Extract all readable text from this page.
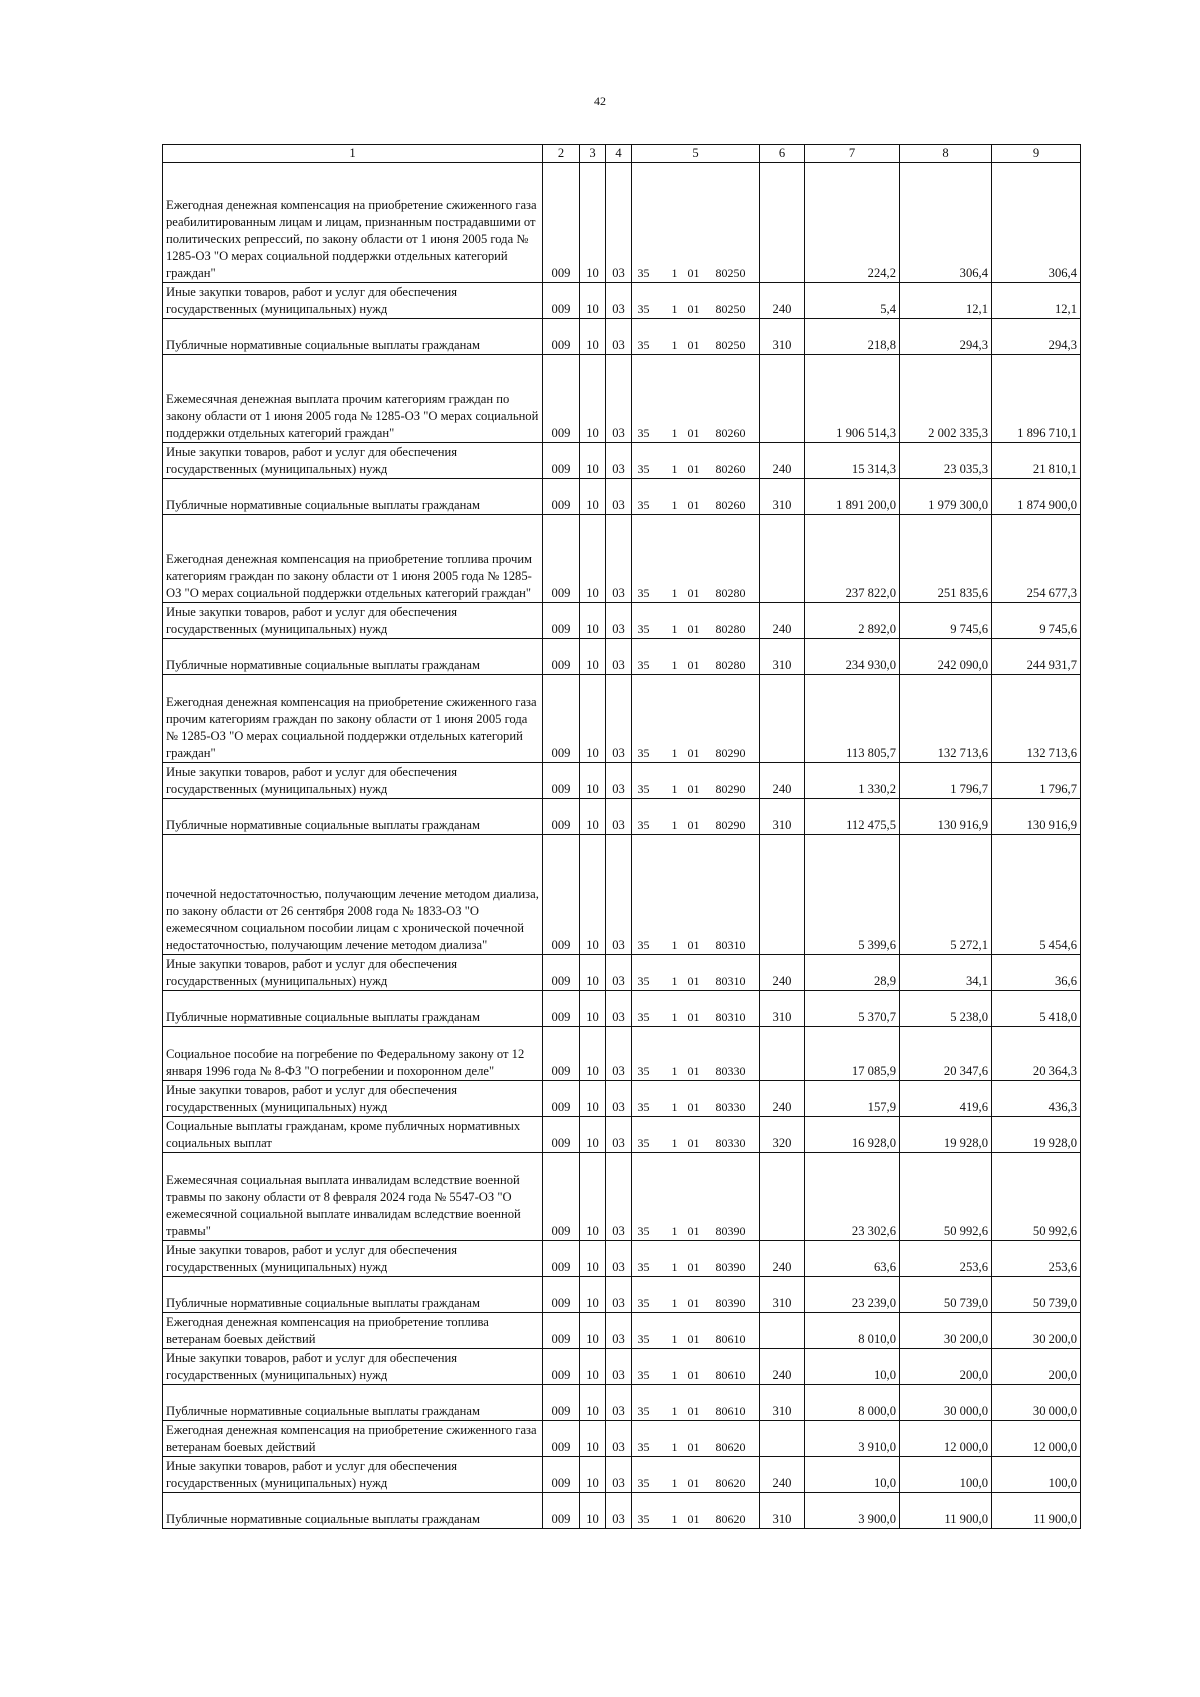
42
1	2	3	4	5	6	7	8	9
Ежегодная денежная компенсация на приобретение сжиженного газа реабилитированным лицам и лицам, признанным пострадавшими от политических репрессий, по закону области от 1 июня 2005 года № 1285-ОЗ "О мерах социальной поддержки отдельных категорий граждан"	009	10	03	35 1 01 80250		224,2	306,4	306,4
Иные закупки товаров, работ и услуг для обеспечения государственных (муниципальных) нужд	009	10	03	35 1 01 80250	240	5,4	12,1	12,1
Публичные нормативные социальные выплаты гражданам	009	10	03	35 1 01 80250	310	218,8	294,3	294,3
Ежемесячная денежная выплата прочим категориям граждан по закону области от 1 июня 2005 года № 1285-ОЗ "О мерах социальной поддержки отдельных категорий граждан"	009	10	03	35 1 01 80260		1 906 514,3	2 002 335,3	1 896 710,1
Иные закупки товаров, работ и услуг для обеспечения государственных (муниципальных) нужд	009	10	03	35 1 01 80260	240	15 314,3	23 035,3	21 810,1
Публичные нормативные социальные выплаты гражданам	009	10	03	35 1 01 80260	310	1 891 200,0	1 979 300,0	1 874 900,0
Ежегодная денежная компенсация на приобретение топлива прочим категориям граждан по закону области от 1 июня 2005 года № 1285-ОЗ "О мерах социальной поддержки отдельных категорий граждан"	009	10	03	35 1 01 80280		237 822,0	251 835,6	254 677,3
Иные закупки товаров, работ и услуг для обеспечения государственных (муниципальных) нужд	009	10	03	35 1 01 80280	240	2 892,0	9 745,6	9 745,6
Публичные нормативные социальные выплаты гражданам	009	10	03	35 1 01 80280	310	234 930,0	242 090,0	244 931,7
Ежегодная денежная компенсация на приобретение сжиженного газа прочим категориям граждан по закону области от 1 июня 2005 года № 1285-ОЗ "О мерах социальной поддержки отдельных категорий граждан"	009	10	03	35 1 01 80290		113 805,7	132 713,6	132 713,6
Иные закупки товаров, работ и услуг для обеспечения государственных (муниципальных) нужд	009	10	03	35 1 01 80290	240	1 330,2	1 796,7	1 796,7
Публичные нормативные социальные выплаты гражданам	009	10	03	35 1 01 80290	310	112 475,5	130 916,9	130 916,9
почечной недостаточностью, получающим лечение методом диализа, по закону области от 26 сентября 2008 года № 1833-ОЗ "О ежемесячном социальном пособии лицам с хронической почечной недостаточностью, получающим лечение методом диализа"	009	10	03	35 1 01 80310		5 399,6	5 272,1	5 454,6
Иные закупки товаров, работ и услуг для обеспечения государственных (муниципальных) нужд	009	10	03	35 1 01 80310	240	28,9	34,1	36,6
Публичные нормативные социальные выплаты гражданам	009	10	03	35 1 01 80310	310	5 370,7	5 238,0	5 418,0
Социальное пособие на погребение по Федеральному закону от 12 января 1996 года № 8-ФЗ "О погребении и похоронном деле"	009	10	03	35 1 01 80330		17 085,9	20 347,6	20 364,3
Иные закупки товаров, работ и услуг для обеспечения государственных (муниципальных) нужд	009	10	03	35 1 01 80330	240	157,9	419,6	436,3
Социальные выплаты гражданам, кроме публичных нормативных социальных выплат	009	10	03	35 1 01 80330	320	16 928,0	19 928,0	19 928,0
Ежемесячная социальная выплата инвалидам вследствие военной травмы по закону области от 8 февраля 2024 года № 5547-ОЗ "О ежемесячной социальной выплате инвалидам вследствие военной травмы"	009	10	03	35 1 01 80390		23 302,6	50 992,6	50 992,6
Иные закупки товаров, работ и услуг для обеспечения государственных (муниципальных) нужд	009	10	03	35 1 01 80390	240	63,6	253,6	253,6
Публичные нормативные социальные выплаты гражданам	009	10	03	35 1 01 80390	310	23 239,0	50 739,0	50 739,0
Ежегодная денежная компенсация на приобретение топлива ветеранам боевых действий	009	10	03	35 1 01 80610		8 010,0	30 200,0	30 200,0
Иные закупки товаров, работ и услуг для обеспечения государственных (муниципальных) нужд	009	10	03	35 1 01 80610	240	10,0	200,0	200,0
Публичные нормативные социальные выплаты гражданам	009	10	03	35 1 01 80610	310	8 000,0	30 000,0	30 000,0
Ежегодная денежная компенсация на приобретение сжиженного газа ветеранам боевых действий	009	10	03	35 1 01 80620		3 910,0	12 000,0	12 000,0
Иные закупки товаров, работ и услуг для обеспечения государственных (муниципальных) нужд	009	10	03	35 1 01 80620	240	10,0	100,0	100,0
Публичные нормативные социальные выплаты гражданам	009	10	03	35 1 01 80620	310	3 900,0	11 900,0	11 900,0
